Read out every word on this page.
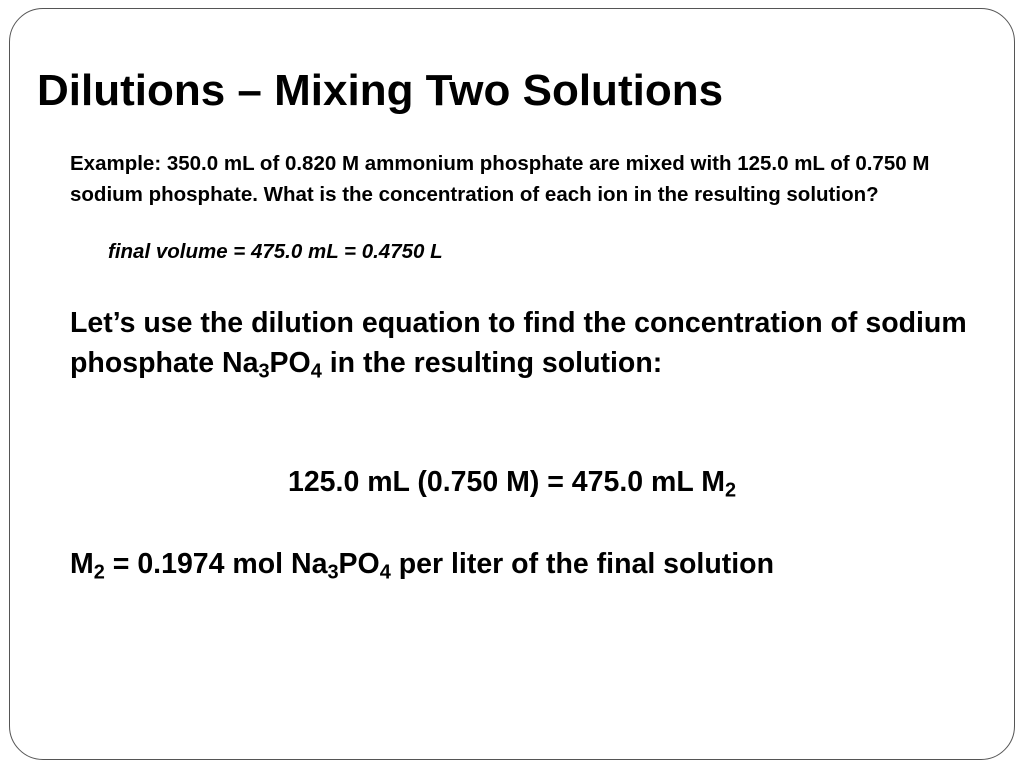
Dilutions – Mixing Two Solutions

Example: 350.0 mL of 0.820 M ammonium phosphate are mixed with 125.0 mL of 0.750 M sodium phosphate. What is the concentration of each ion in the resulting solution?

final volume = 475.0 mL = 0.4750 L
Let’s use the dilution equation to find the concentration of sodium phosphate $Na_3PO_4$ in the resulting solution:
125.0 mL (0.750 M) = 475.0 mL $M_2$
$M_2 = 0.1974$ mol $Na_3PO_4$ per liter of the final solution
